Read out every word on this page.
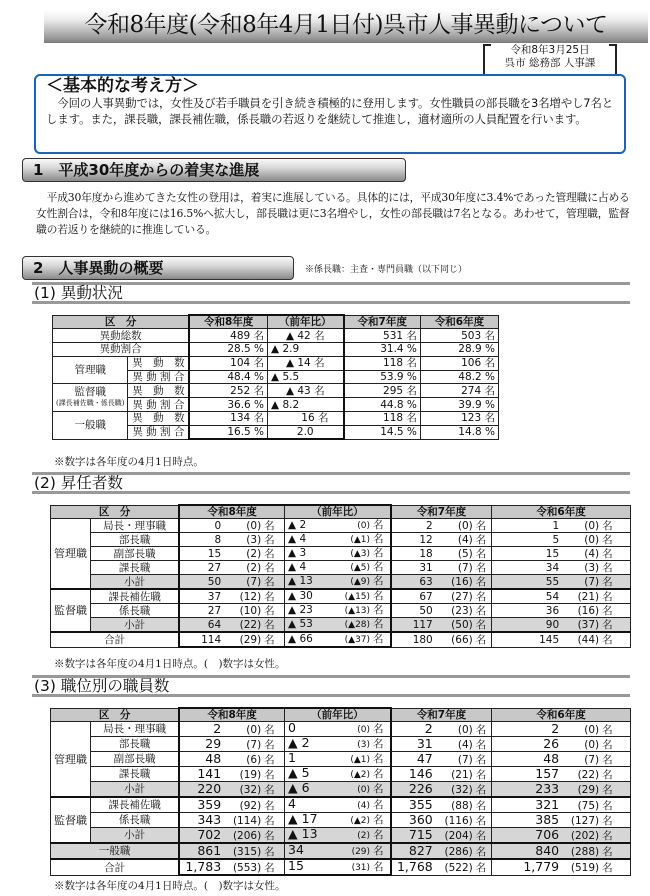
令和8年度(令和8年4月1日付)呉市人事異動について
令和8年3月25日
呉市 総務部 人事課
＜基本的な考え方＞
　今回の人事異動では，女性及び若手職員を引き続き積極的に登用します。女性職員の部長職を3名増やし7名とします。また，課長職，課長補佐職，係長職の若返りを継続して推進し，適材適所の人員配置を行います。
1　平成30年度からの着実な進展
　平成30年度から進めてきた女性の登用は，着実に進展している。具体的には，平成30年度に3.4%であった管理職に占める女性割合は，令和8年度には16.5%へ拡大し，部長職は更に3名増やし，女性の部長職は7名となる。あわせて，管理職，監督職の若返りを継続的に推進している。
2　人事異動の概要	※係長職：主査・専門員職（以下同じ）
(1) 異動状況
区　分		令和8年度	（前年比）	令和7年度	令和6年度
異動総数		489 名	▲ 42 名	531 名	503 名
異動割合		28.5 %	▲ 2.9	31.4 %	28.9 %
管理職	異　動　数	104 名	▲ 14 名	118 名	106 名
	異 動 割 合	48.4 %	▲ 5.5	53.9 %	48.2 %
監督職
(課長補佐職・係長職)	異　動　数	252 名	▲ 43 名	295 名	274 名
	異 動 割 合	36.6 %	▲ 8.2	44.8 %	39.9 %
一般職	異　動　数	134 名	16 名	118 名	123 名
	異 動 割 合	16.5 %	2.0	14.5 %	14.8 %
※数字は各年度の4月1日時点。
(2) 昇任者数
区　分		令和8年度	（前年比）	令和7年度	令和6年度
管理職	局長・理事職	0 (0) 名	▲ 2 (0) 名	2 (0) 名	1 (0) 名
	部長職	8 (3) 名	▲ 4 (▲1) 名	12 (4) 名	5 (0) 名
	副部長職	15 (2) 名	▲ 3 (▲3) 名	18 (5) 名	15 (4) 名
	課長職	27 (2) 名	▲ 4 (▲5) 名	31 (7) 名	34 (3) 名
	小計	50 (7) 名	▲ 13 (▲9) 名	63 (16) 名	55 (7) 名
監督職	課長補佐職	37 (12) 名	▲ 30 (▲15) 名	67 (27) 名	54 (21) 名
	係長職	27 (10) 名	▲ 23 (▲13) 名	50 (23) 名	36 (16) 名
	小計	64 (22) 名	▲ 53 (▲28) 名	117 (50) 名	90 (37) 名
合計		114 (29) 名	▲ 66 (▲37) 名	180 (66) 名	145 (44) 名
※数字は各年度の4月1日時点。(　)数字は女性。
(3) 職位別の職員数
区　分		令和8年度	（前年比）	令和7年度	令和6年度
管理職	局長・理事職	2 (0) 名	0 (0) 名	2 (0) 名	2 (0) 名
	部長職	29 (7) 名	▲ 2 (3) 名	31 (4) 名	26 (0) 名
	副部長職	48 (6) 名	1 (▲1) 名	47 (7) 名	48 (7) 名
	課長職	141 (19) 名	▲ 5 (▲2) 名	146 (21) 名	157 (22) 名
	小計	220 (32) 名	▲ 6 (0) 名	226 (32) 名	233 (29) 名
監督職	課長補佐職	359 (92) 名	4 (4) 名	355 (88) 名	321 (75) 名
	係長職	343 (114) 名	▲ 17 (▲2) 名	360 (116) 名	385 (127) 名
	小計	702 (206) 名	▲ 13 (2) 名	715 (204) 名	706 (202) 名
一般職		861 (315) 名	34 (29) 名	827 (286) 名	840 (288) 名
合計		1,783 (553) 名	15 (31) 名	1,768 (522) 名	1,779 (519) 名
※数字は各年度の4月1日時点。(　)数字は女性。
